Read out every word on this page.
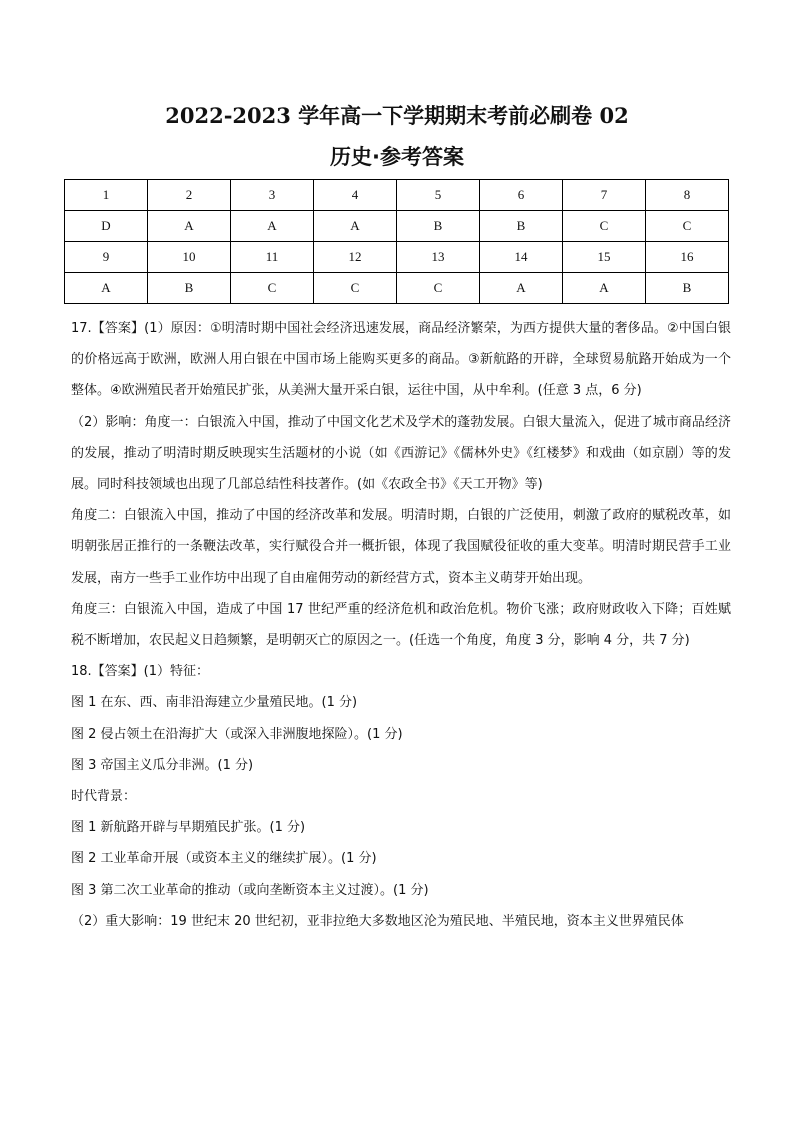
2022-2023 学年高一下学期期末考前必刷卷 02
历史·参考答案
1	2	3	4	5	6	7	8
D	A	A	A	B	B	C	C
9	10	11	12	13	14	15	16
A	B	C	C	C	A	A	B

17.【答案】(1）原因：①明清时期中国社会经济迅速发展，商品经济繁荣，为西方提供大量的奢侈品。②中国白银的价格远高于欧洲，欧洲人用白银在中国市场上能购买更多的商品。③新航路的开辟，全球贸易航路开始成为一个整体。④欧洲殖民者开始殖民扩张，从美洲大量开采白银，运往中国，从中牟利。(任意 3 点，6 分)

（2）影响：角度一：白银流入中国，推动了中国文化艺术及学术的蓬勃发展。白银大量流入，促进了城市商品经济的发展，推动了明清时期反映现实生活题材的小说（如《西游记》《儒林外史》《红楼梦》和戏曲（如京剧）等的发展。同时科技领域也出现了几部总结性科技著作。(如《农政全书》《天工开物》等)

角度二：白银流入中国，推动了中国的经济改革和发展。明清时期，白银的广泛使用，刺激了政府的赋税改革，如明朝张居正推行的一条鞭法改革，实行赋役合并一概折银，体现了我国赋役征收的重大变革。明清时期民营手工业发展，南方一些手工业作坊中出现了自由雇佣劳动的新经营方式，资本主义萌芽开始出现。

角度三：白银流入中国，造成了中国 17 世纪严重的经济危机和政治危机。物价飞涨；政府财政收入下降；百姓赋税不断增加，农民起义日趋频繁，是明朝灭亡的原因之一。(任选一个角度，角度 3 分，影响 4 分，共 7 分)

18.【答案】(1）特征：

图 1 在东、西、南非沿海建立少量殖民地。(1 分)

图 2 侵占领土在沿海扩大（或深入非洲腹地探险）。(1 分)

图 3 帝国主义瓜分非洲。(1 分)

时代背景：

图 1 新航路开辟与早期殖民扩张。(1 分)

图 2 工业革命开展（或资本主义的继续扩展）。(1 分)

图 3 第二次工业革命的推动（或向垄断资本主义过渡）。(1 分)

（2）重大影响：19 世纪末 20 世纪初，亚非拉绝大多数地区沦为殖民地、半殖民地，资本主义世界殖民体
